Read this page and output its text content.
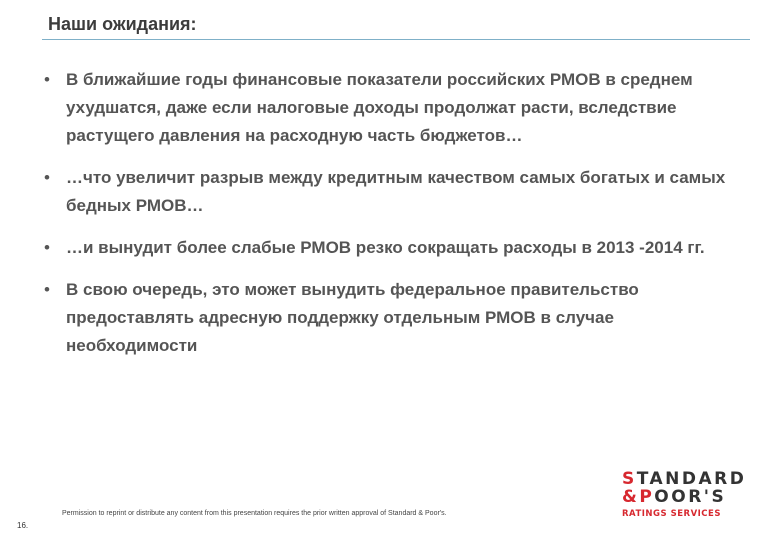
Наши ожидания:
• В ближайшие годы финансовые показатели российских РМОВ в среднем ухудшатся, даже если налоговые доходы продолжат расти, вследствие растущего давления на расходную часть бюджетов…
• …что увеличит разрыв между кредитным качеством самых богатых и самых бедных РМОВ…
• …и вынудит более слабые РМОВ резко сокращать расходы в 2013 -2014 гг.
• В свою очередь, это может вынудить федеральное правительство предоставлять адресную поддержку отдельным РМОВ в случае необходимости
16.
Permission to reprint or distribute any content from this presentation requires the prior written approval of Standard & Poor's.
STANDARD
&POOR'S
RATINGS SERVICES
